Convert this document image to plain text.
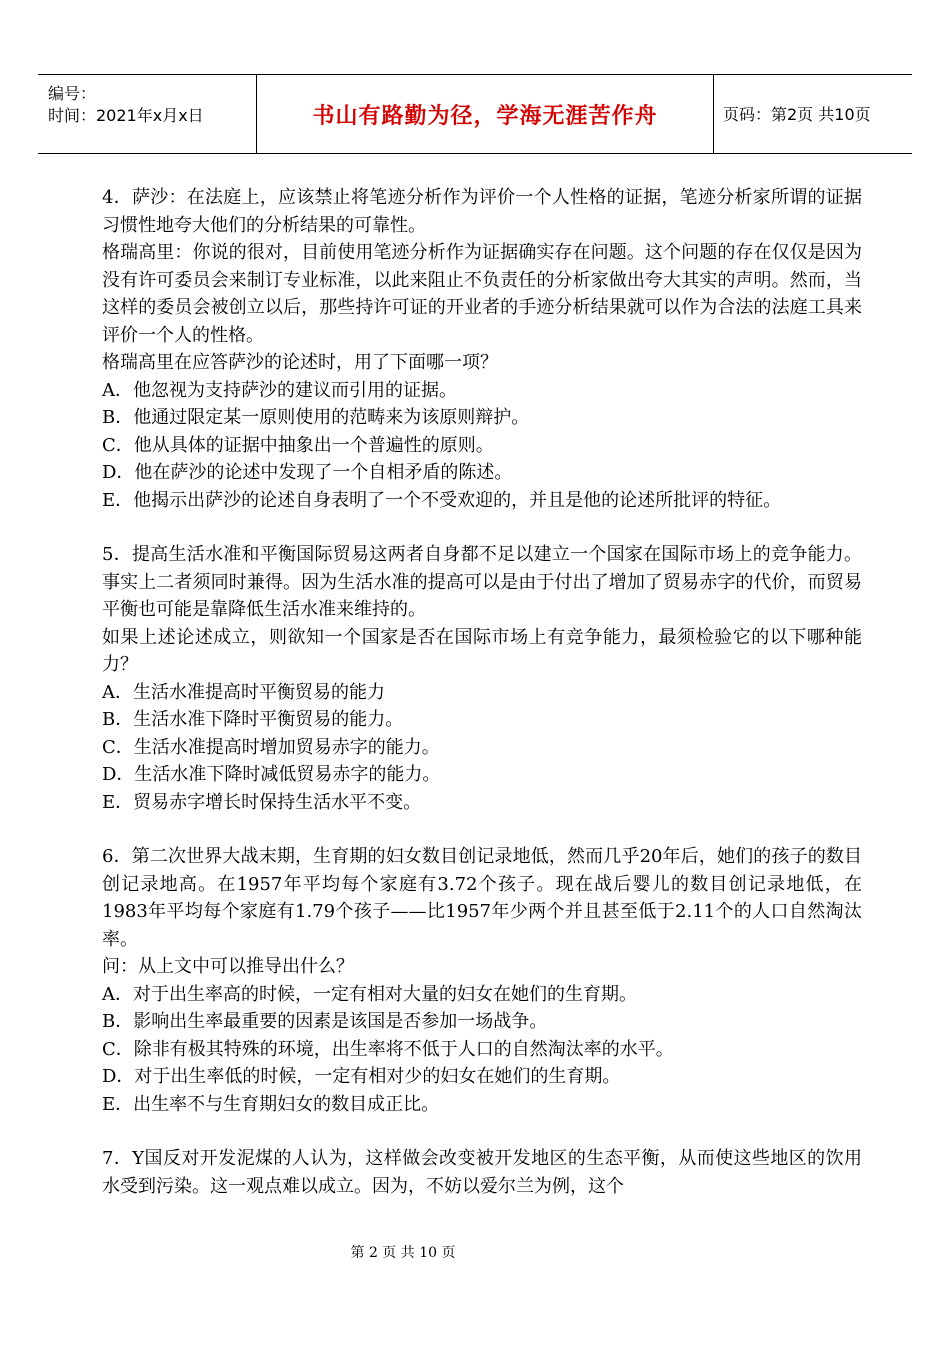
编号：
时间：2021年x月x日	书山有路勤为径，学海无涯苦作舟	页码：第2页 共10页

4．萨沙：在法庭上，应该禁止将笔迹分析作为评价一个人性格的证据，笔迹分析家所谓的证据习惯性地夸大他们的分析结果的可靠性。

格瑞高里：你说的很对，目前使用笔迹分析作为证据确实存在问题。这个问题的存在仅仅是因为没有许可委员会来制订专业标准，以此来阻止不负责任的分析家做出夸大其实的声明。然而，当这样的委员会被创立以后，那些持许可证的开业者的手迹分析结果就可以作为合法的法庭工具来评价一个人的性格。

格瑞高里在应答萨沙的论述时，用了下面哪一项？

A．他忽视为支持萨沙的建议而引用的证据。

B．他通过限定某一原则使用的范畴来为该原则辩护。

C．他从具体的证据中抽象出一个普遍性的原则。

D．他在萨沙的论述中发现了一个自相矛盾的陈述。

E．他揭示出萨沙的论述自身表明了一个不受欢迎的，并且是他的论述所批评的特征。

5．提高生活水准和平衡国际贸易这两者自身都不足以建立一个国家在国际市场上的竞争能力。事实上二者须同时兼得。因为生活水准的提高可以是由于付出了增加了贸易赤字的代价，而贸易平衡也可能是靠降低生活水准来维持的。

如果上述论述成立，则欲知一个国家是否在国际市场上有竞争能力，最须检验它的以下哪种能力？

A．生活水准提高时平衡贸易的能力

B．生活水准下降时平衡贸易的能力。

C．生活水准提高时增加贸易赤字的能力。

D．生活水准下降时减低贸易赤字的能力。

E．贸易赤字增长时保持生活水平不变。

6．第二次世界大战末期，生育期的妇女数目创记录地低，然而几乎20年后，她们的孩子的数目创记录地高。在1957年平均每个家庭有3.72个孩子。现在战后婴儿的数目创记录地低，在1983年平均每个家庭有1.79个孩子——比1957年少两个并且甚至低于2.11个的人口自然淘汰率。

问：从上文中可以推导出什么？

A．对于出生率高的时候，一定有相对大量的妇女在她们的生育期。

B．影响出生率最重要的因素是该国是否参加一场战争。

C．除非有极其特殊的环境，出生率将不低于人口的自然淘汰率的水平。

D．对于出生率低的时候，一定有相对少的妇女在她们的生育期。

E．出生率不与生育期妇女的数目成正比。

7．Y国反对开发泥煤的人认为，这样做会改变被开发地区的生态平衡，从而使这些地区的饮用水受到污染。这一观点难以成立。因为，不妨以爱尔兰为例，这个

第 2 页 共 10 页
